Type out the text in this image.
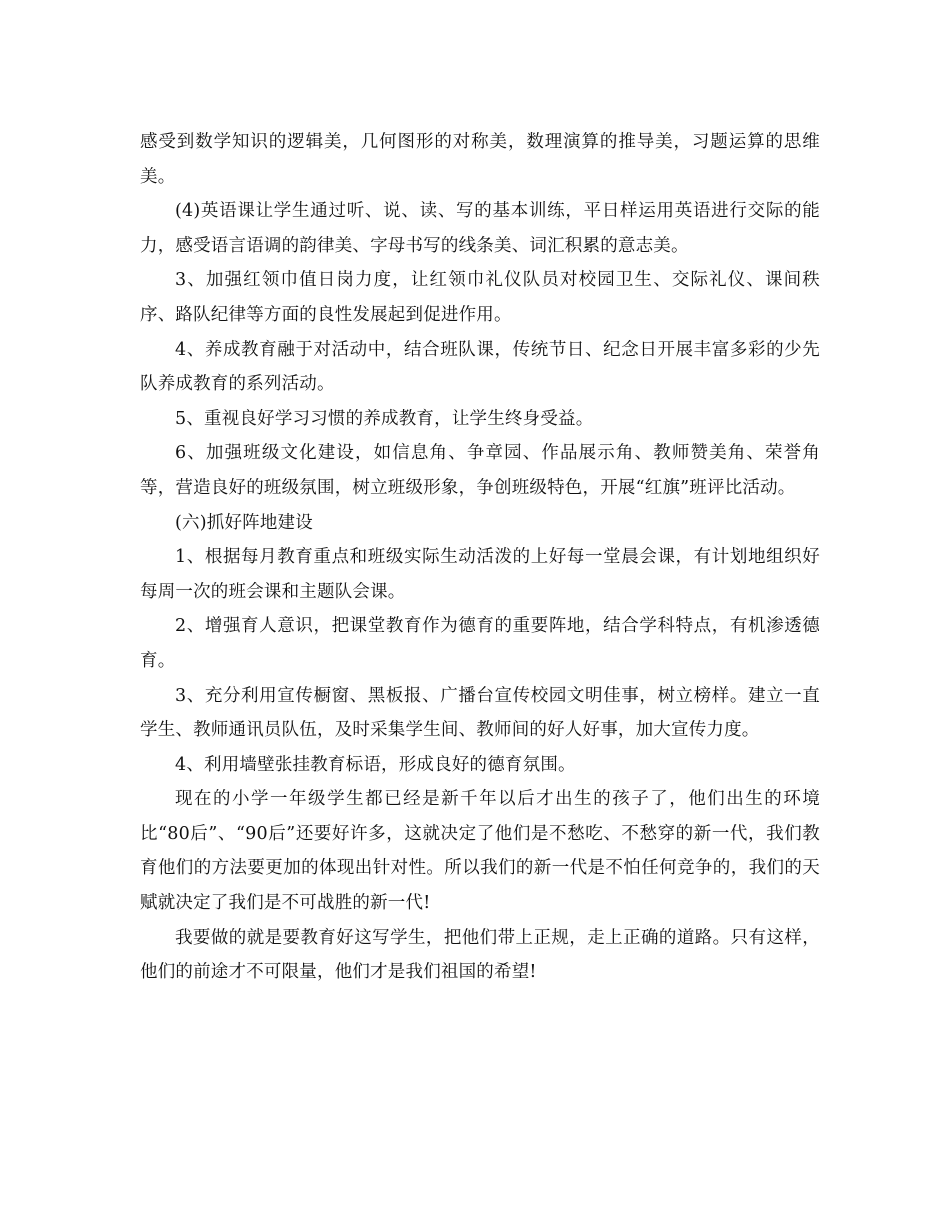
感受到数学知识的逻辑美，几何图形的对称美，数理演算的推导美，习题运算的思维美。

(4)英语课让学生通过听、说、读、写的基本训练，平日样运用英语进行交际的能力，感受语言语调的韵律美、字母书写的线条美、词汇积累的意志美。

3、加强红领巾值日岗力度，让红领巾礼仪队员对校园卫生、交际礼仪、课间秩序、路队纪律等方面的良性发展起到促进作用。

4、养成教育融于对活动中，结合班队课，传统节日、纪念日开展丰富多彩的少先队养成教育的系列活动。

5、重视良好学习习惯的养成教育，让学生终身受益。

6、加强班级文化建设，如信息角、争章园、作品展示角、教师赞美角、荣誉角等，营造良好的班级氛围，树立班级形象，争创班级特色，开展“红旗”班评比活动。

(六)抓好阵地建设

1、根据每月教育重点和班级实际生动活泼的上好每一堂晨会课，有计划地组织好每周一次的班会课和主题队会课。

2、增强育人意识，把课堂教育作为德育的重要阵地，结合学科特点，有机渗透德育。

3、充分利用宣传橱窗、黑板报、广播台宣传校园文明佳事，树立榜样。建立一直学生、教师通讯员队伍，及时采集学生间、教师间的好人好事，加大宣传力度。

4、利用墙壁张挂教育标语，形成良好的德育氛围。

现在的小学一年级学生都已经是新千年以后才出生的孩子了，他们出生的环境比“80后”、“90后”还要好许多，这就决定了他们是不愁吃、不愁穿的新一代，我们教育他们的方法要更加的体现出针对性。所以我们的新一代是不怕任何竞争的，我们的天赋就决定了我们是不可战胜的新一代!

我要做的就是要教育好这写学生，把他们带上正规，走上正确的道路。只有这样，他们的前途才不可限量，他们才是我们祖国的希望!
